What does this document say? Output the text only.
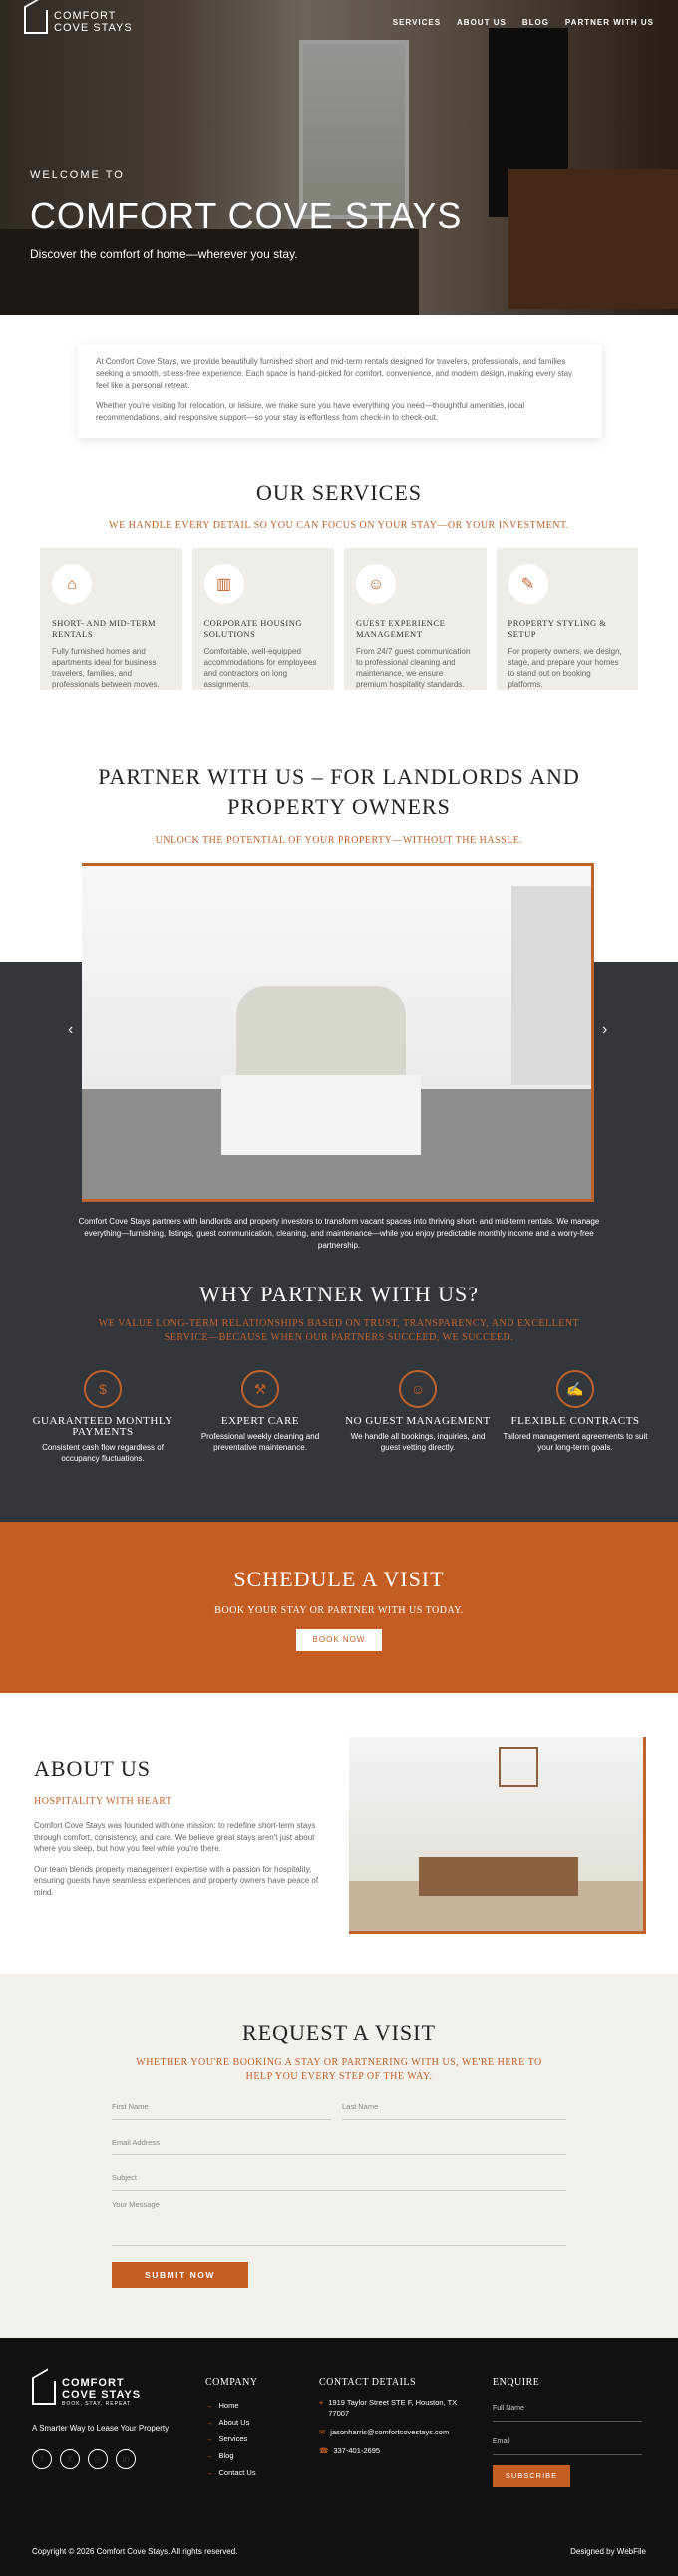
COMFORT
COVE STAYS	SERVICES ABOUT US BLOG PARTNER WITH US
WELCOME TO
COMFORT COVE STAYS
Discover the comfort of home—wherever you stay.

At Comfort Cove Stays, we provide beautifully furnished short and mid-term rentals designed for travelers, professionals, and families seeking a smooth, stress-free experience. Each space is hand-picked for comfort, convenience, and modern design, making every stay feel like a personal retreat.

Whether you're visiting for relocation, or leisure, we make sure you have everything you need—thoughtful amenities, local recommendations, and responsive support—so your stay is effortless from check-in to check-out.

OUR SERVICES
WE HANDLE EVERY DETAIL SO YOU CAN FOCUS ON YOUR STAY—OR YOUR INVESTMENT.
⌂
SHORT- AND MID-TERM RENTALS
Fully furnished homes and apartments ideal for business travelers, families, and professionals between moves.
▥
CORPORATE HOUSING SOLUTIONS
Comfortable, well-equipped accommodations for employees and contractors on long assignments.
☺
GUEST EXPERIENCE MANAGEMENT
From 24/7 guest communication to professional cleaning and maintenance, we ensure premium hospitality standards.
✎
PROPERTY STYLING & SETUP
For property owners, we design, stage, and prepare your homes to stand out on booking platforms.
PARTNER WITH US – FOR LANDLORDS AND
PROPERTY OWNERS
UNLOCK THE POTENTIAL OF YOUR PROPERTY—WITHOUT THE HASSLE.
‹	›

Comfort Cove Stays partners with landlords and property investors to transform vacant spaces into thriving short- and mid-term rentals. We manage everything—furnishing, listings, guest communication, cleaning, and maintenance—while you enjoy predictable monthly income and a worry-free partnership.

WHY PARTNER WITH US?
WE VALUE LONG-TERM RELATIONSHIPS BASED ON TRUST, TRANSPARENCY, AND EXCELLENT
SERVICE—BECAUSE WHEN OUR PARTNERS SUCCEED, WE SUCCEED.
$
GUARANTEED MONTHLY PAYMENTS
Consistent cash flow regardless of occupancy fluctuations.
⚒
EXPERT CARE
Professional weekly cleaning and preventative maintenance.
☺
NO GUEST MANAGEMENT
We handle all bookings, inquiries, and guest vetting directly.
✍
FLEXIBLE CONTRACTS
Tailored management agreements to suit your long-term goals.
SCHEDULE A VISIT
BOOK YOUR STAY OR PARTNER WITH US TODAY.
BOOK NOW
ABOUT US
HOSPITALITY WITH HEART

Comfort Cove Stays was founded with one mission: to redefine short-term stays through comfort, consistency, and care. We believe great stays aren't just about where you sleep, but how you feel while you're there.

Our team blends property management expertise with a passion for hospitality, ensuring guests have seamless experiences and property owners have peace of mind.

REQUEST A VISIT
WHETHER YOU'RE BOOKING A STAY OR PARTNERING WITH US, WE'RE HERE TO
HELP YOU EVERY STEP OF THE WAY.
First Name	Last Name
Email Address
Subject
Your Message
SUBMIT NOW
COMFORT
COVE STAYS
BOOK, STAY, REPEAT
A Smarter Way to Lease Your Property
f	X	◎	in
COMPANY
→ Home
→ About Us
→ Services
→ Blog
→ Contact Us
CONTACT DETAILS
⌖ 1919 Taylor Street STE F, Houston, TX 77007
✉ jasonharris@comfortcovestays.com
☎ 337-401-2695
ENQUIRE
Full Name
Email
SUBSCRIBE
Copyright © 2026 Comfort Cove Stays. All rights reserved.	Designed by WebFile
